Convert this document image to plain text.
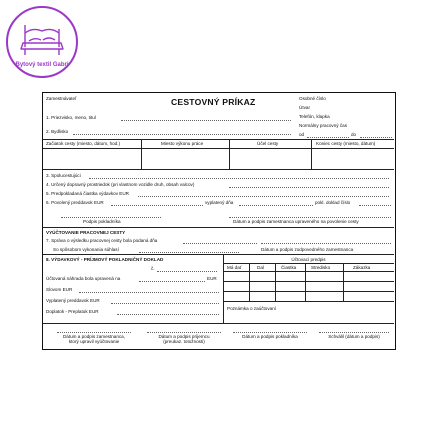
Bytový textil Gabri
CESTOVNÝ PRÍKAZ
Zamestnávateľ
1. Priezvisko, meno, titul
2. Bydlisko
Osobné číslo
Útvar
Telefón, klapka
Normálny pracovný čas
od	do
Začiatok cesty (miesto, dátum, hod.)	Miesto výkonu práce	Účel cesty	Koniec cesty (miesto, dátum)
3. Spolucestujúci
4. Určený dopravný prostriedok (pri vlastnom vozidle druh, obsah valcov)
5. Predpokladaná čiastka výdavkov EUR
6. Povolený preddavok EUR	vyplatený dňa	pokl. doklad číslo
Podpis pokladníka	Dátum a podpis zamestnanca upraveného na povolenie cesty
VYÚČTOVANIE PRACOVNEJ CESTY
7. Správa o výsledku pracovnej cesty bola podaná dňa
So spôsobom vykonania súhlasí	Dátum a podpis zodpovedného zamestnanca
8. VÝDAVKOVÝ - PRÍJMOVÝ POKLADNIČNÝ DOKLAD
č.
Účtovaná náhrada bola upravená na	EUR
Slovom EUR
Vyplatený preddavok EUR
Doplatok - Preplatok EUR
Účtovací predpis
Má dať	Dal	Čiastka	Stredisko	Zákazka
Poznámka o zaúčtovaní
Dátum a podpis zamestnanca,
ktorý upravil vyúčtovanie
Dátum a podpis príjemcu
(preukaz. totožnosti)
Dátum a podpis pokladníka	Schválil (dátum a podpis)
